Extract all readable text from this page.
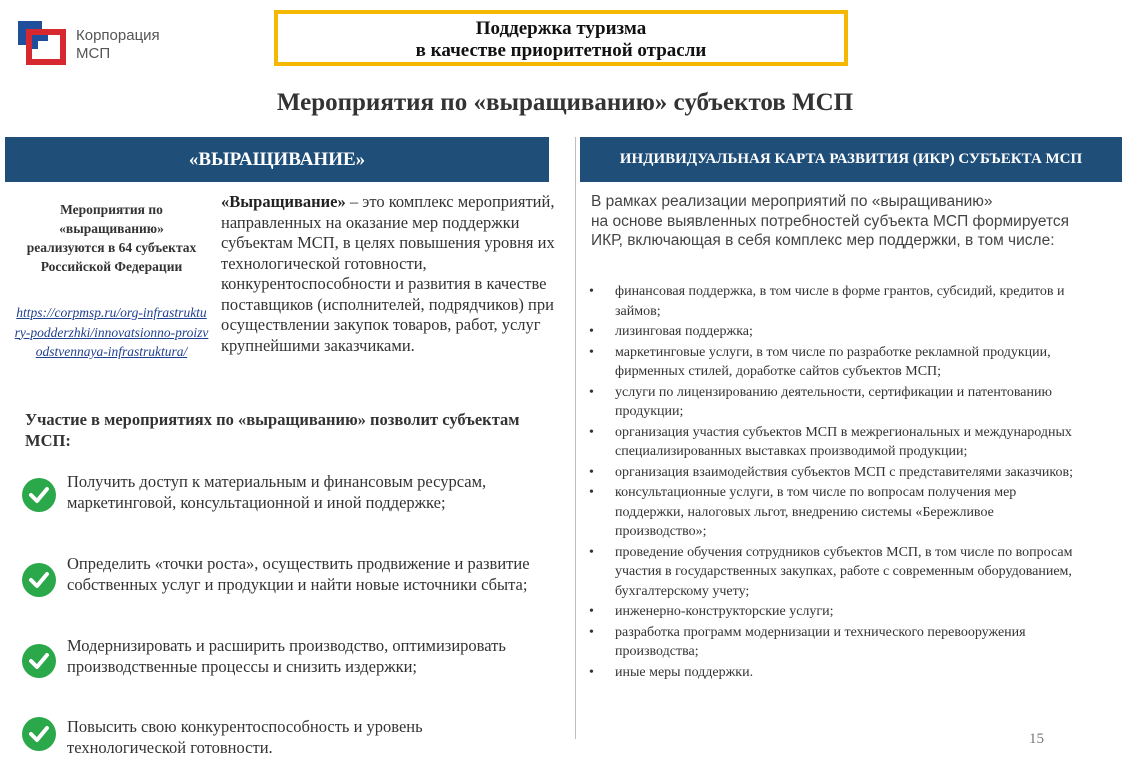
Корпорация
МСП
Поддержка туризма
в качестве приоритетной отрасли
Мероприятия по «выращиванию» субъектов МСП
«ВЫРАЩИВАНИЕ»
Мероприятия по «выращиванию» реализуются в 64 субъектах Российской Федерации
https://corpmsp.ru/org-infrastruktury-podderzhki/innovatsionno-proizvodstvennaya-infrastruktura/
«Выращивание» – это комплекс мероприятий, направленных на оказание мер поддержки субъектам МСП, в целях повышения уровня их технологической готовности, конкурентоспособности и развития в качестве поставщиков (исполнителей, подрядчиков) при осуществлении закупок товаров, работ, услуг крупнейшими заказчиками.
Участие в мероприятиях по «выращиванию» позволит субъектам МСП:
Получить доступ к материальным и финансовым ресурсам, маркетинговой, консультационной и иной поддержке;
Определить «точки роста», осуществить продвижение и развитие собственных услуг и продукции и найти новые источники сбыта;
Модернизировать и расширить производство, оптимизировать производственные процессы и снизить издержки;
Повысить свою конкурентоспособность и уровень технологической готовности.
ИНДИВИДУАЛЬНАЯ КАРТА РАЗВИТИЯ (ИКР) СУБЪЕКТА МСП
В рамках реализации мероприятий по «выращиванию»
на основе выявленных потребностей субъекта МСП формируется
ИКР, включающая в себя комплекс мер поддержки, в том числе:
• финансовая поддержка, в том числе в форме грантов, субсидий, кредитов и займов;
• лизинговая поддержка;
• маркетинговые услуги, в том числе по разработке рекламной продукции, фирменных стилей, доработке сайтов субъектов МСП;
• услуги по лицензированию деятельности, сертификации и патентованию продукции;
• организация участия субъектов МСП в межрегиональных и международных специализированных выставках производимой продукции;
• организация взаимодействия субъектов МСП с представителями заказчиков;
• консультационные услуги, в том числе по вопросам получения мер поддержки, налоговых льгот, внедрению системы «Бережливое производство»;
• проведение обучения сотрудников субъектов МСП, в том числе по вопросам участия в государственных закупках, работе с современным оборудованием, бухгалтерскому учету;
• инженерно-конструкторские услуги;
• разработка программ модернизации и технического перевооружения производства;
• иные меры поддержки.
15
